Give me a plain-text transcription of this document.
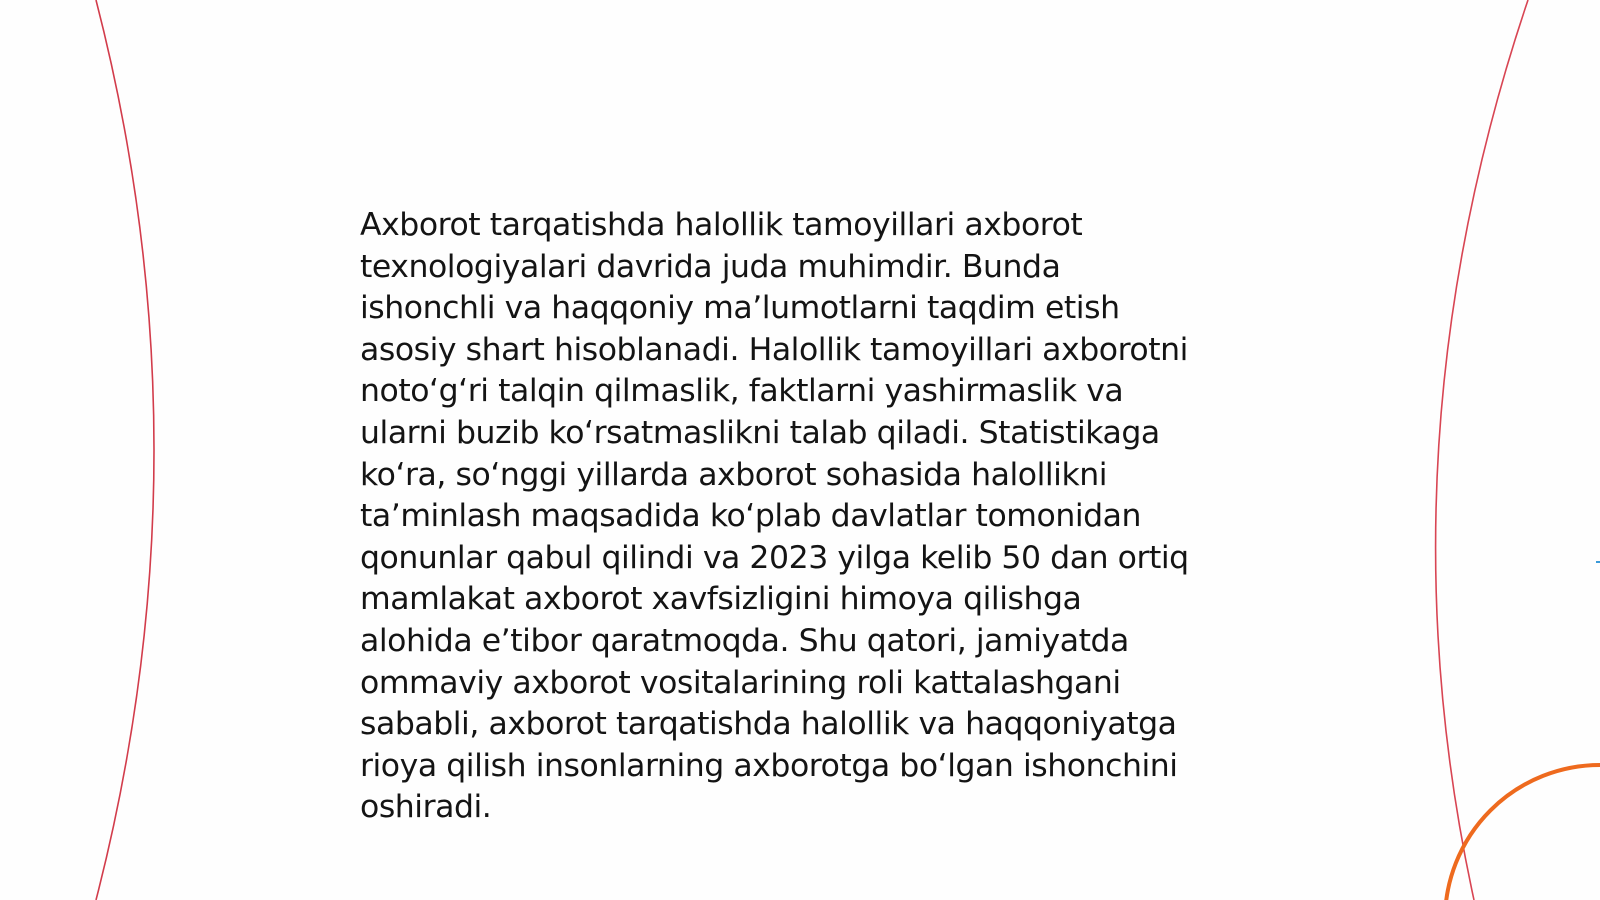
Axborot tarqatishda halollik tamoyillari axborot
texnologiyalari davrida juda muhimdir. Bunda
ishonchli va haqqoniy ma’lumotlarni taqdim etish
asosiy shart hisoblanadi. Halollik tamoyillari axborotni
noto‘g‘ri talqin qilmaslik, faktlarni yashirmaslik va
ularni buzib ko‘rsatmaslikni talab qiladi. Statistikaga
ko‘ra, so‘nggi yillarda axborot sohasida halollikni
ta’minlash maqsadida ko‘plab davlatlar tomonidan
qonunlar qabul qilindi va 2023 yilga kelib 50 dan ortiq
mamlakat axborot xavfsizligini himoya qilishga
alohida e’tibor qaratmoqda. Shu qatori, jamiyatda
ommaviy axborot vositalarining roli kattalashgani
sababli, axborot tarqatishda halollik va haqqoniyatga
rioya qilish insonlarning axborotga bo‘lgan ishonchini
oshiradi.
